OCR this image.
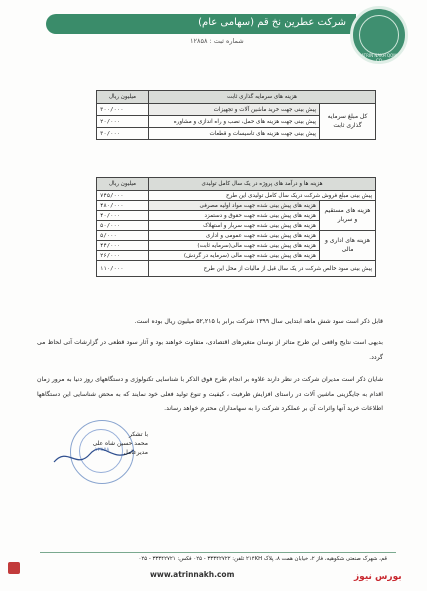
شرکت عطرین نخ قم (سهامی عام)
شماره ثبت : ۱۲۸۵۸
ATRIN NAKH QOM CO
هزینه های سرمایه گذاری ثابت		میلیون ریال
کل مبلغ سرمایه گذاری ثابت	پیش بینی جهت خرید ماشین آلات و تجهیزات	۳۰۰/۰۰۰
	پیش بینی جهت هزینه های حمل، نصب و راه اندازی و مشاوره	۲۰/۰۰۰
	پیش بینی جهت هزینه های تاسیسات و قطعات	۳۰/۰۰۰
هزینه ها و درآمد های پروژه در یک سال کامل تولیدی		میلیون ریال
پیش بینی مبلغ فروش شرکت دریک سال کامل تولیدی این طرح		۷۴۵/۰۰۰
هزینه های مستقیم و سربار	هزینه های پیش بینی شده جهت مواد اولیه مصرفی	۴۸۰/۰۰۰
	هزینه های پیش بینی شده جهت حقوق و دستمزد	۴۰/۰۰۰
	هزینه های پیش بینی شده جهت سربار و استهلاک	۵۰/۰۰۰
هزینه های اداری و مالی	هزینه های پیش بینی شده جهت عمومی و اداری	۵/۰۰۰
	هزینه های پیش بینی شده جهت مالی(سرمایه ثابت)	۴۴/۰۰۰
	هزینه های پیش بینی شده جهت مالی (سرمایه در گردش)	۲۶/۰۰۰
پیش بینی سود خالص شرکت در یک سال قبل از مالیات از محل این طرح		۱۱۰/۰۰۰

قابل ذکر است سود شش ماهه ابتدایی سال ۱۳۹۹ شرکت برابر با ۵۲,۲۱۵ میلیون ریال بوده است.

بدیهی است نتایج واقعی این طرح متاثر از نوسان متغیرهای اقتصادی، متفاوت خواهند بود و آثار سود قطعی در گزارشات آتی لحاظ می گردد.

شایان ذکر است مدیران شرکت در نظر دارند علاوه بر انجام طرح فوق الذکر با شناسایی تکنولوژی و دستگاههای روز دنیا به مرور زمان اقدام به جایگزینی ماشین آلات در راستای افزایش ظرفیت ، کیفیت و تنوع تولید فعلی خود نمایند که به محض شناسایی این دستگاهها اطلاعات خرید آنها واثرات آن بر عملکرد شرکت را به سهامداران محترم خواهد رساند.

۱۲۸۵۸
با تشکر
محمد حسین شاه علی
مدیرعامل
قم، شهرک صنعتی شکوهیه، فاز ۲، خیابان همت ۸، پلاک ۲۱۴KH تلفن: ۳۳۳۴۲۷۲۲ - ۰۲۵ فکس: ۳۳۳۴۲۷۲۱ - ۰۲۵
www.atrinnakh.com	بورس نیوز
